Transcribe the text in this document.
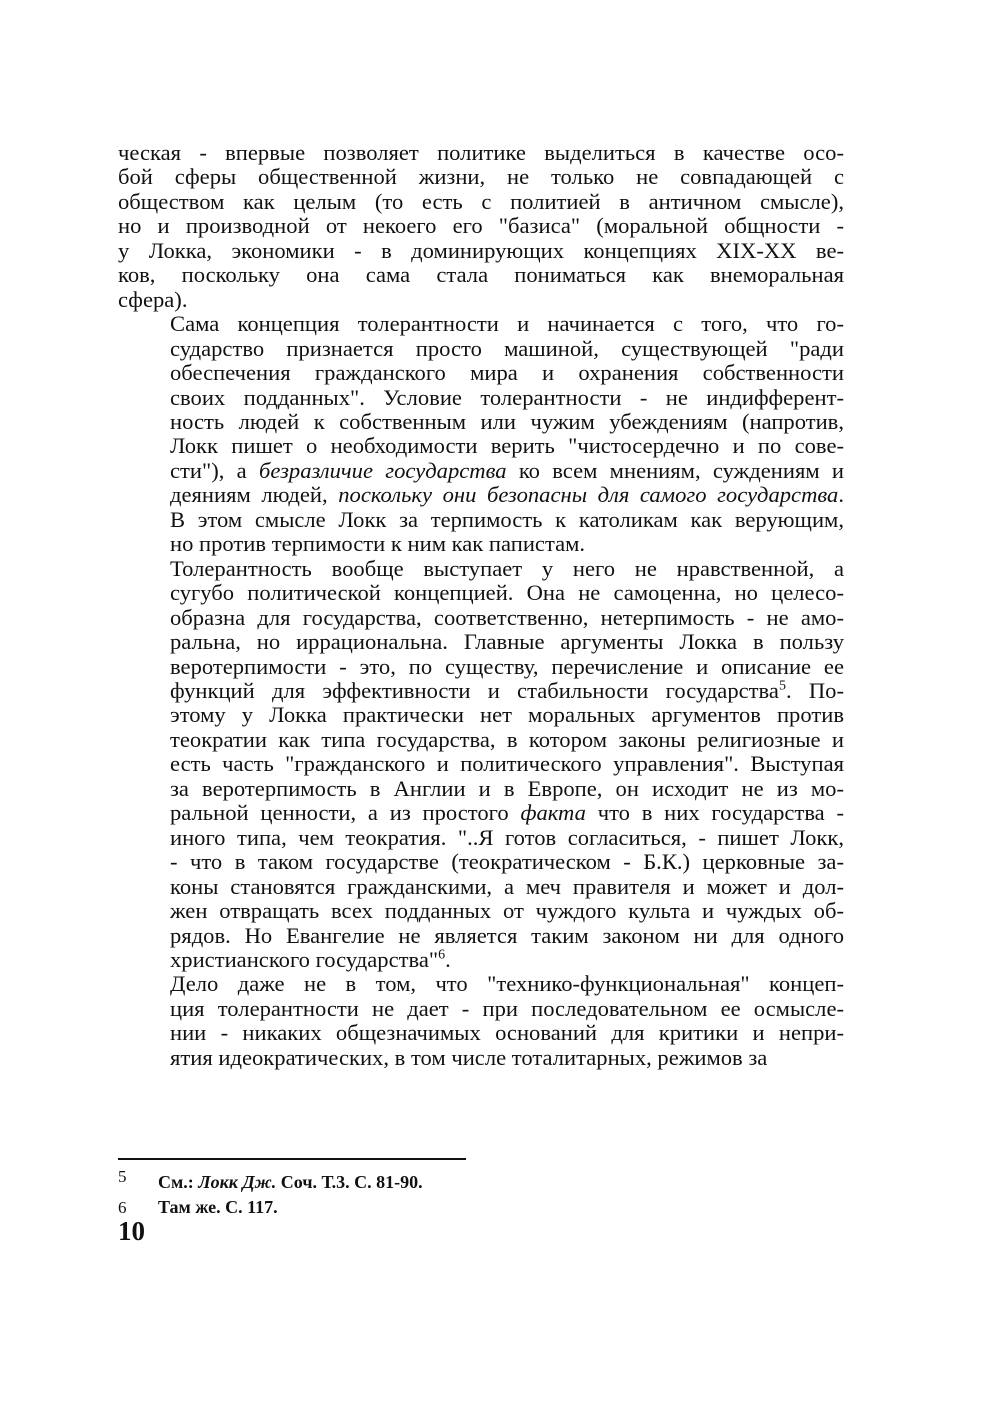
ческая - впервые позволяет политике выделиться в качестве осо-
бой сферы общественной жизни, не только не совпадающей с
обществом как целым (то есть с политией в античном смысле),
но и производной от некоего его "базиса" (моральной общности -
у Локка, экономики - в доминирующих концепциях XIX-XX ве-
ков, поскольку она сама стала пониматься как внеморальная
сфера).

Сама концепция толерантности и начинается с того, что го-
сударство признается просто машиной, существующей "ради
обеспечения гражданского мира и охранения собственности
своих подданных". Условие толерантности - не индифферент-
ность людей к собственным или чужим убеждениям (напротив,
Локк пишет о необходимости верить "чистосердечно и по сове-
сти"), а безразличие государства ко всем мнениям, суждениям и
деяниям людей, поскольку они безопасны для самого государства.
В этом смысле Локк за терпимость к католикам как верующим,
но против терпимости к ним как папистам.

Толерантность вообще выступает у него не нравственной, а
сугубо политической концепцией. Она не самоценна, но целесо-
образна для государства, соответственно, нетерпимость - не амо-
ральна, но иррациональна. Главные аргументы Локка в пользу
веротерпимости - это, по существу, перечисление и описание ее
функций для эффективности и стабильности государства$^5$. По-
этому у Локка практически нет моральных аргументов против
теократии как типа государства, в котором законы религиозные и
есть часть "гражданского и политического управления". Выступая
за веротерпимость в Англии и в Европе, он исходит не из мо-
ральной ценности, а из простого факта что в них государства -
иного типа, чем теократия. "..Я готов согласиться, - пишет Локк,
- что в таком государстве (теократическом - Б.К.) церковные за-
коны становятся гражданскими, а меч правителя и может и дол-
жен отвращать всех подданных от чуждого культа и чуждых об-
рядов. Но Евангелие не является таким законом ни для одного
христианского государства"$^6$.

Дело даже не в том, что "технико-функциональная" концеп-
ция толерантности не дает - при последовательном ее осмысле-
нии - никаких общезначимых оснований для критики и непри-
ятия идеократических, в том числе тоталитарных, режимов за

5	См.: Локк Дж. Соч. Т.3. С. 81-90.
6	Там же. С. 117.
10
